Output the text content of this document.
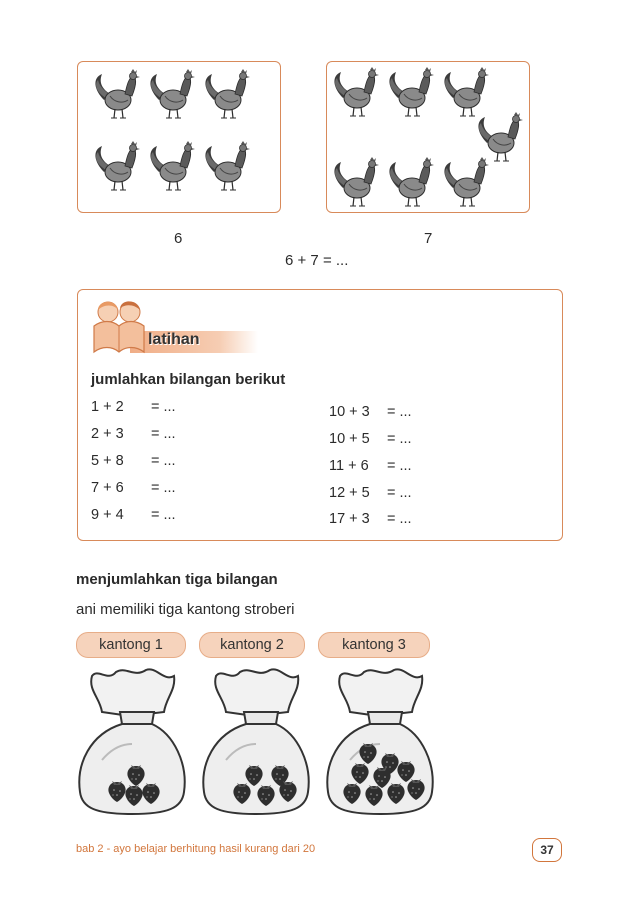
6	7
6 + 7 = ...
latihan
jumlahkan bilangan berikut
1 + 2 = ...
2 + 3 = ...
5 + 8 = ...
7 + 6 = ...
9 + 4 = ...
10 + 3 = ...
10 + 5 = ...
11 + 6 = ...
12 + 5 = ...
17 + 3 = ...
menjumlahkan tiga bilangan
ani memiliki tiga kantong stroberi
kantong 1	kantong 2	kantong 3
bab 2 - ayo belajar berhitung hasil kurang dari 20	37
